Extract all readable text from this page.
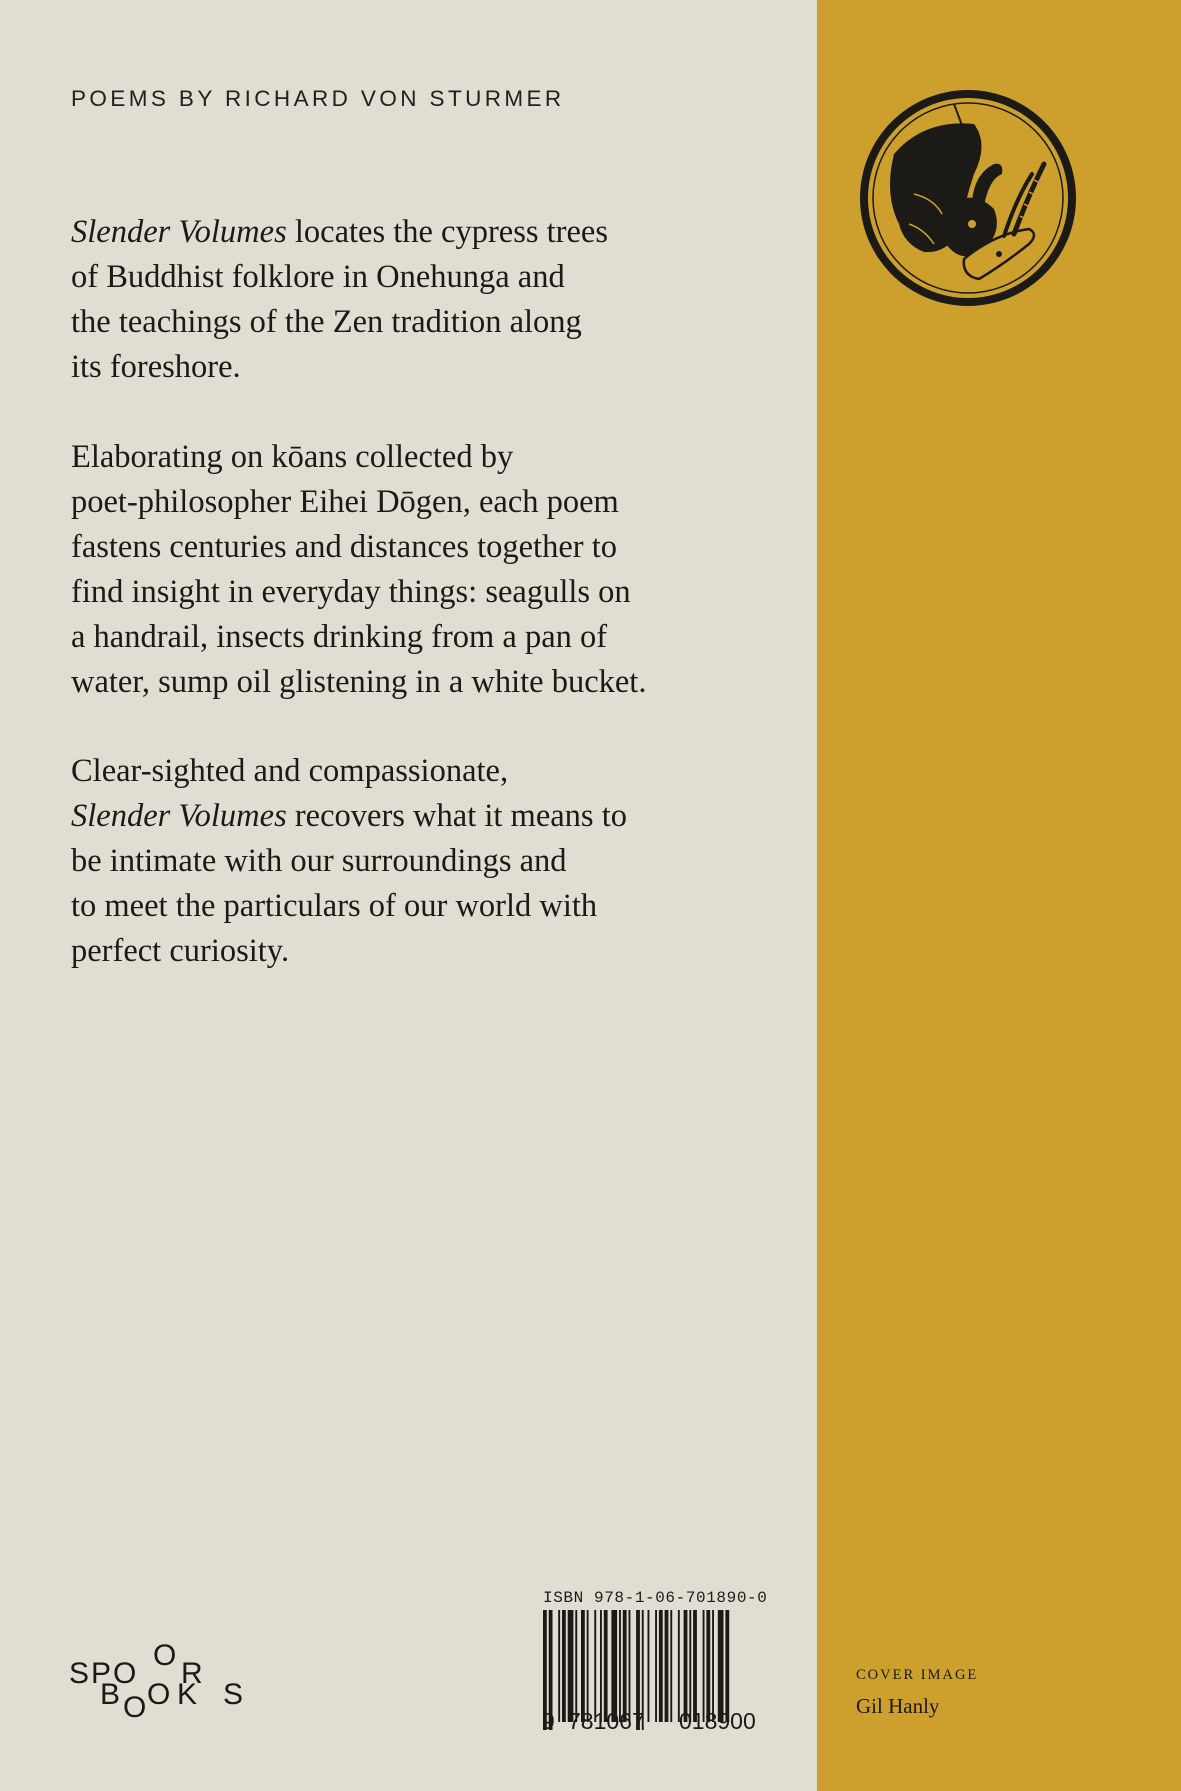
POEMS BY RICHARD VON STURMER

Slender Volumes locates the cypress trees
of Buddhist folklore in Onehunga and
the teachings of the Zen tradition along
its foreshore.

Elaborating on kōans collected by
poet-philosopher Eihei Dōgen, each poem
fastens centuries and distances together to
find insight in everyday things: seagulls on
a handrail, insects drinking from a pan of
water, sump oil glistening in a white bucket.

Clear-sighted and compassionate,
Slender Volumes recovers what it means to
be intimate with our surroundings and
to meet the particulars of our world with
perfect curiosity.

S P O
O
R
B O O K S
ISBN 978-1-06-701890-0
9 781067 018900
COVER IMAGE
Gil Hanly
